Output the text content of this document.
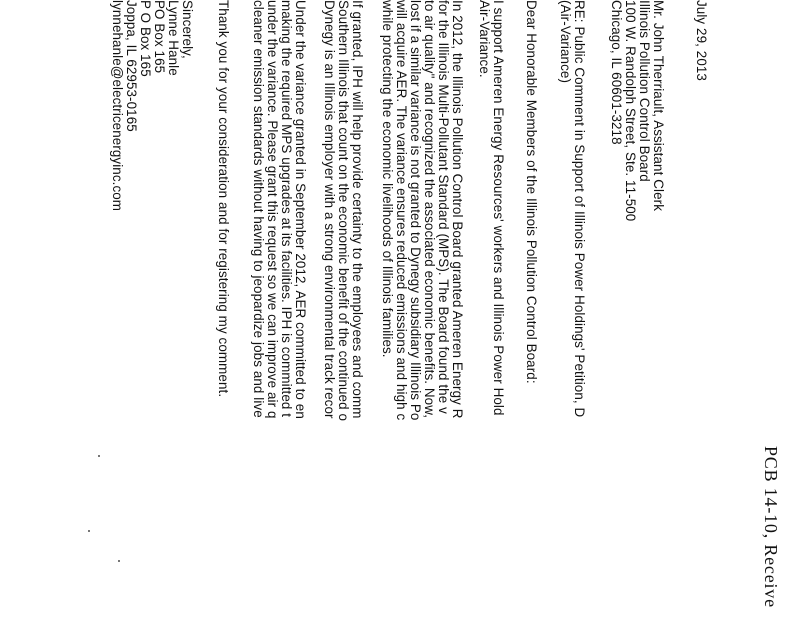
PCB 14-10, Receive
July 29, 2013
Mr. John Therriault, Assistant Clerk
Illinois Pollution Control Board
100 W. Randolph Street, Ste. 11-500
Chicago, IL 60601-3218
RE: Public Comment in Support of Illinois Power Holdings' Petition, D
(Air-Variance)
Dear Honorable Members of the Illinois Pollution Control Board:
I support Ameren Energy Resources' workers and Illinois Power Hold
Air-Variance.
In 2012, the Illinois Pollution Control Board granted Ameren Energy R
for the Illinois Multi-Pollutant Standard (MPS). The Board found the v
to air quality" and recognized the associated economic benefits. Now,
lost if a similar variance is not granted to Dynegy subsidiary Illinois Po
will acquire AER. The variance ensures reduced emissions and high c
while protecting the economic livelihoods of Illinois families.
If granted, IPH will help provide certainty to the employees and comm
Southern Illinois that count on the economic benefit of the continued o
Dynegy is an Illinois employer with a strong environmental track recor
Under the variance granted in September 2012, AER committed to en
making the required MPS upgrades at its facilities. IPH is committed t
under the variance. Please grant this request so we can improve air q
cleaner emission standards without having to jeopardize jobs and live
Thank you for your consideration and for registering my comment.
Sincerely,
Lynne Hanle
PO Box 165
P O Box 165
Joppa, IL 62953-0165
lynnehanle@electricenergyinc.com
